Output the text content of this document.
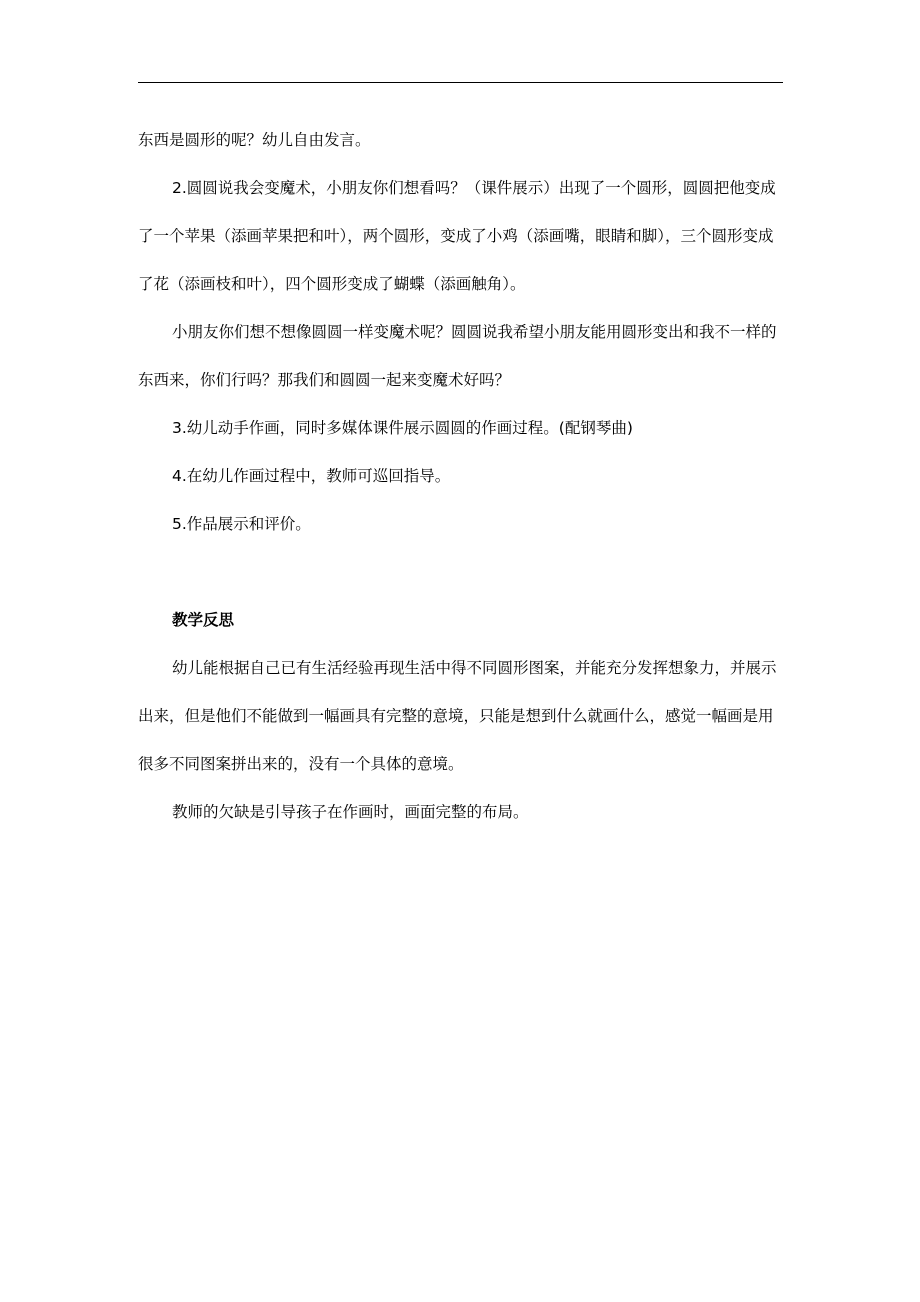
东西是圆形的呢？幼儿自由发言。

2.圆圆说我会变魔术，小朋友你们想看吗？（课件展示）出现了一个圆形，圆圆把他变成了一个苹果（添画苹果把和叶），两个圆形，变成了小鸡（添画嘴，眼睛和脚），三个圆形变成了花（添画枝和叶），四个圆形变成了蝴蝶（添画触角）。

小朋友你们想不想像圆圆一样变魔术呢？圆圆说我希望小朋友能用圆形变出和我不一样的东西来，你们行吗？那我们和圆圆一起来变魔术好吗？

3.幼儿动手作画，同时多媒体课件展示圆圆的作画过程。(配钢琴曲)

4.在幼儿作画过程中，教师可巡回指导。

5.作品展示和评价。

教学反思

幼儿能根据自己已有生活经验再现生活中得不同圆形图案，并能充分发挥想象力，并展示出来，但是他们不能做到一幅画具有完整的意境，只能是想到什么就画什么，感觉一幅画是用很多不同图案拼出来的，没有一个具体的意境。

教师的欠缺是引导孩子在作画时，画面完整的布局。
